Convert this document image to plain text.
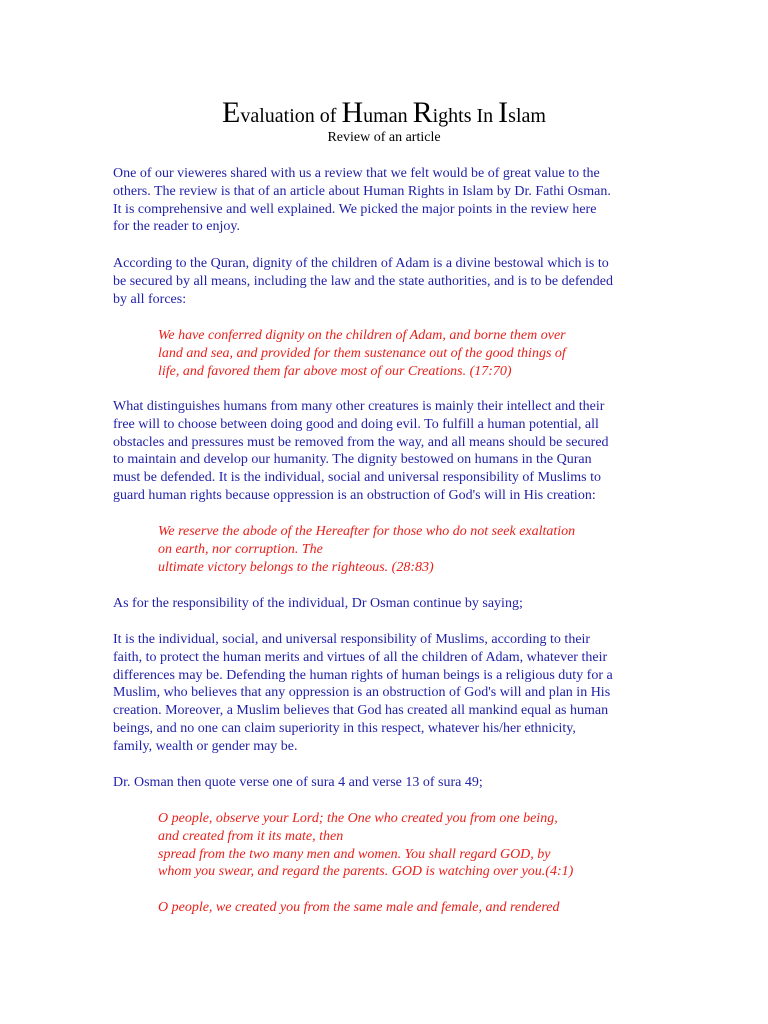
Evaluation of Human Rights In Islam
Review of an article
One of our vieweres shared with us a review that we felt would be of great value to the
others. The review is that of an article about Human Rights in Islam by Dr. Fathi Osman.
It is comprehensive and well explained. We picked the major points in the review here
for the reader to enjoy.
According to the Quran, dignity of the children of Adam is a divine bestowal which is to
be secured by all means, including the law and the state authorities, and is to be defended
by all forces:
We have conferred dignity on the children of Adam, and borne them over
land and sea, and provided for them sustenance out of the good things of
life, and favored them far above most of our Creations. (17:70)
What distinguishes humans from many other creatures is mainly their intellect and their
free will to choose between doing good and doing evil. To fulfill a human potential, all
obstacles and pressures must be removed from the way, and all means should be secured
to maintain and develop our humanity. The dignity bestowed on humans in the Quran
must be defended. It is the individual, social and universal responsibility of Muslims to
guard human rights because oppression is an obstruction of God's will in His creation:
We reserve the abode of the Hereafter for those who do not seek exaltation
on earth, nor corruption. The
ultimate victory belongs to the righteous. (28:83)
As for the responsibility of the individual, Dr Osman continue by saying;
It is the individual, social, and universal responsibility of Muslims, according to their
faith, to protect the human merits and virtues of all the children of Adam, whatever their
differences may be. Defending the human rights of human beings is a religious duty for a
Muslim, who believes that any oppression is an obstruction of God's will and plan in His
creation. Moreover, a Muslim believes that God has created all mankind equal as human
beings, and no one can claim superiority in this respect, whatever his/her ethnicity,
family, wealth or gender may be.
Dr. Osman then quote verse one of sura 4 and verse 13 of sura 49;
O people, observe your Lord; the One who created you from one being,
and created from it its mate, then
spread from the two many men and women. You shall regard GOD, by
whom you swear, and regard the parents. GOD is watching over you.(4:1)
O people, we created you from the same male and female, and rendered
